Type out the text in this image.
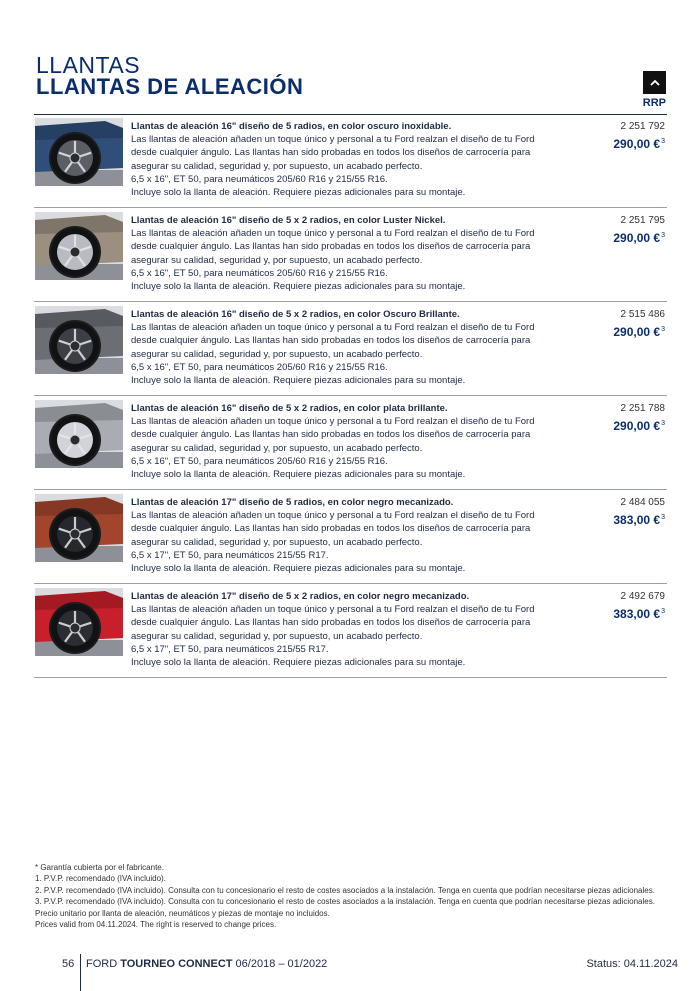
LLANTAS
LLANTAS DE ALEACIÓN
RRP
Llantas de aleación 16" diseño de 5 radios, en color oscuro inoxidable.
Las llantas de aleación añaden un toque único y personal a tu Ford realzan el diseño de tu Ford desde cualquier ángulo. Las llantas han sido probadas en todos los diseños de carrocería para asegurar su calidad, seguridad y, por supuesto, un acabado perfecto.
6,5 x 16", ET 50, para neumáticos 205/60 R16 y 215/55 R16.
Incluye solo la llanta de aleación. Requiere piezas adicionales para su montaje.
2 251 792
290,00 €$^3$
Llantas de aleación 16" diseño de 5 x 2 radios, en color Luster Nickel.
Las llantas de aleación añaden un toque único y personal a tu Ford realzan el diseño de tu Ford desde cualquier ángulo. Las llantas han sido probadas en todos los diseños de carrocería para asegurar su calidad, seguridad y, por supuesto, un acabado perfecto.
6,5 x 16", ET 50, para neumáticos 205/60 R16 y 215/55 R16.
Incluye solo la llanta de aleación. Requiere piezas adicionales para su montaje.
2 251 795
290,00 €$^3$
Llantas de aleación 16" diseño de 5 x 2 radios, en color Oscuro Brillante.
Las llantas de aleación añaden un toque único y personal a tu Ford realzan el diseño de tu Ford desde cualquier ángulo. Las llantas han sido probadas en todos los diseños de carrocería para asegurar su calidad, seguridad y, por supuesto, un acabado perfecto.
6,5 x 16", ET 50, para neumáticos 205/60 R16 y 215/55 R16.
Incluye solo la llanta de aleación. Requiere piezas adicionales para su montaje.
2 515 486
290,00 €$^3$
Llantas de aleación 16" diseño de 5 x 2 radios, en color plata brillante.
Las llantas de aleación añaden un toque único y personal a tu Ford realzan el diseño de tu Ford desde cualquier ángulo. Las llantas han sido probadas en todos los diseños de carrocería para asegurar su calidad, seguridad y, por supuesto, un acabado perfecto.
6,5 x 16", ET 50, para neumáticos 205/60 R16 y 215/55 R16.
Incluye solo la llanta de aleación. Requiere piezas adicionales para su montaje.
2 251 788
290,00 €$^3$
Llantas de aleación 17" diseño de 5 radios, en color negro mecanizado.
Las llantas de aleación añaden un toque único y personal a tu Ford realzan el diseño de tu Ford desde cualquier ángulo. Las llantas han sido probadas en todos los diseños de carrocería para asegurar su calidad, seguridad y, por supuesto, un acabado perfecto.
6,5 x 17", ET 50, para neumáticos 215/55 R17.
Incluye solo la llanta de aleación. Requiere piezas adicionales para su montaje.
2 484 055
383,00 €$^3$
Llantas de aleación 17" diseño de 5 x 2 radios, en color negro mecanizado.
Las llantas de aleación añaden un toque único y personal a tu Ford realzan el diseño de tu Ford desde cualquier ángulo. Las llantas han sido probadas en todos los diseños de carrocería para asegurar su calidad, seguridad y, por supuesto, un acabado perfecto.
6,5 x 17", ET 50, para neumáticos 215/55 R17.
Incluye solo la llanta de aleación. Requiere piezas adicionales para su montaje.
2 492 679
383,00 €$^3$
* Garantía cubierta por el fabricante.
1. P.V.P. recomendado (IVA incluido).
2. P.V.P. recomendado (IVA incluido). Consulta con tu concesionario el resto de costes asociados a la instalación. Tenga en cuenta que podrían necesitarse piezas adicionales.
3. P.V.P. recomendado (IVA incluido). Consulta con tu concesionario el resto de costes asociados a la instalación. Tenga en cuenta que podrían necesitarse piezas adicionales. Precio unitario por llanta de aleación, neumáticos y piezas de montaje no incluidos.
Prices valid from 04.11.2024. The right is reserved to change prices.
56 FORD TOURNEO CONNECT 06/2018 – 01/2022	Status: 04.11.2024
